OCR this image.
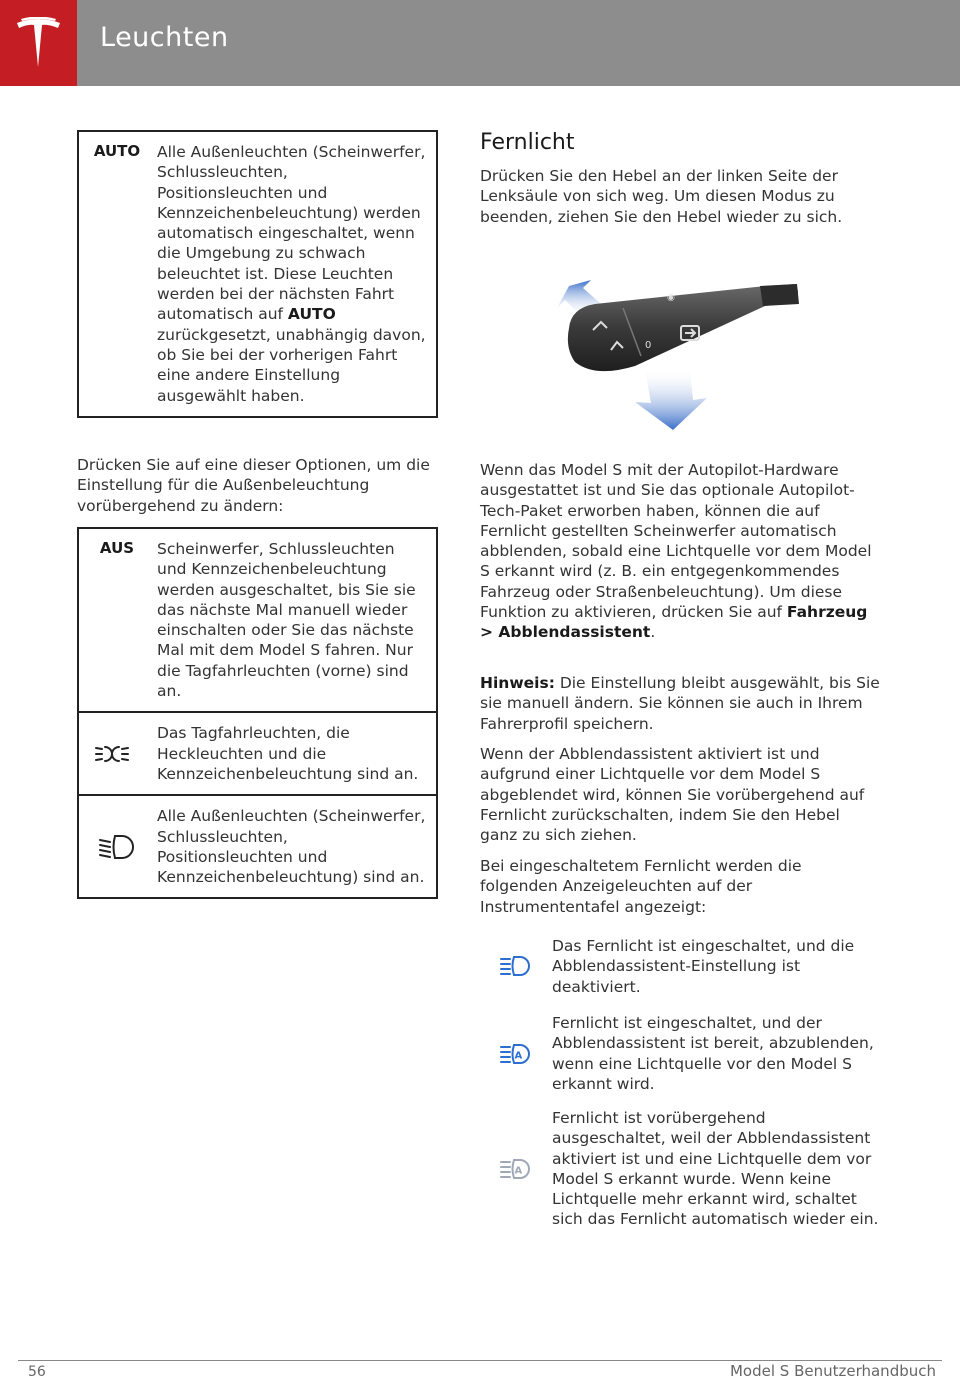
Leuchten
AUTO	Alle Außenleuchten (Scheinwerfer, Schlussleuchten, Positionsleuchten und Kennzeichenbeleuchtung) werden automatisch eingeschaltet, wenn die Umgebung zu schwach beleuchtet ist. Diese Leuchten werden bei der nächsten Fahrt automatisch auf AUTO zurückgesetzt, unabhängig davon, ob Sie bei der vorherigen Fahrt eine andere Einstellung ausgewählt haben.
Drücken Sie auf eine dieser Optionen, um die Einstellung für die Außenbeleuchtung vorübergehend zu ändern:
AUS	Scheinwerfer, Schlussleuchten und Kennzeichenbeleuchtung werden ausgeschaltet, bis Sie sie das nächste Mal manuell wieder einschalten oder Sie das nächste Mal mit dem Model S fahren. Nur die Tagfahrleuchten (vorne) sind an.
Das Tagfahrleuchten, die Heckleuchten und die Kennzeichenbeleuchtung sind an.
Alle Außenleuchten (Scheinwerfer, Schlussleuchten, Positionsleuchten und Kennzeichenbeleuchtung) sind an.
Fernlicht
Drücken Sie den Hebel an der linken Seite der Lenksäule von sich weg. Um diesen Modus zu beenden, ziehen Sie den Hebel wieder zu sich.
0
◉
Wenn das Model S mit der Autopilot-Hardware ausgestattet ist und Sie das optionale Autopilot-Tech-Paket erworben haben, können die auf Fernlicht gestellten Scheinwerfer automatisch abblenden, sobald eine Lichtquelle vor dem Model S erkannt wird (z. B. ein entgegenkommendes Fahrzeug oder Straßenbeleuchtung). Um diese Funktion zu aktivieren, drücken Sie auf Fahrzeug > Abblendassistent.
Hinweis: Die Einstellung bleibt ausgewählt, bis Sie sie manuell ändern. Sie können sie auch in Ihrem Fahrerprofil speichern.
Wenn der Abblendassistent aktiviert ist und aufgrund einer Lichtquelle vor dem Model S abgeblendet wird, können Sie vorübergehend auf Fernlicht zurückschalten, indem Sie den Hebel ganz zu sich ziehen.
Bei eingeschaltetem Fernlicht werden die folgenden Anzeigeleuchten auf der Instrumententafel angezeigt:
Das Fernlicht ist eingeschaltet, und die Abblendassistent-Einstellung ist deaktiviert.
A
Fernlicht ist eingeschaltet, und der Abblendassistent ist bereit, abzublenden, wenn eine Lichtquelle vor den Model S erkannt wird.
A
Fernlicht ist vorübergehend ausgeschaltet, weil der Abblendassistent aktiviert ist und eine Lichtquelle dem vor Model S erkannt wurde. Wenn keine Lichtquelle mehr erkannt wird, schaltet sich das Fernlicht automatisch wieder ein.
56	Model S Benutzerhandbuch
